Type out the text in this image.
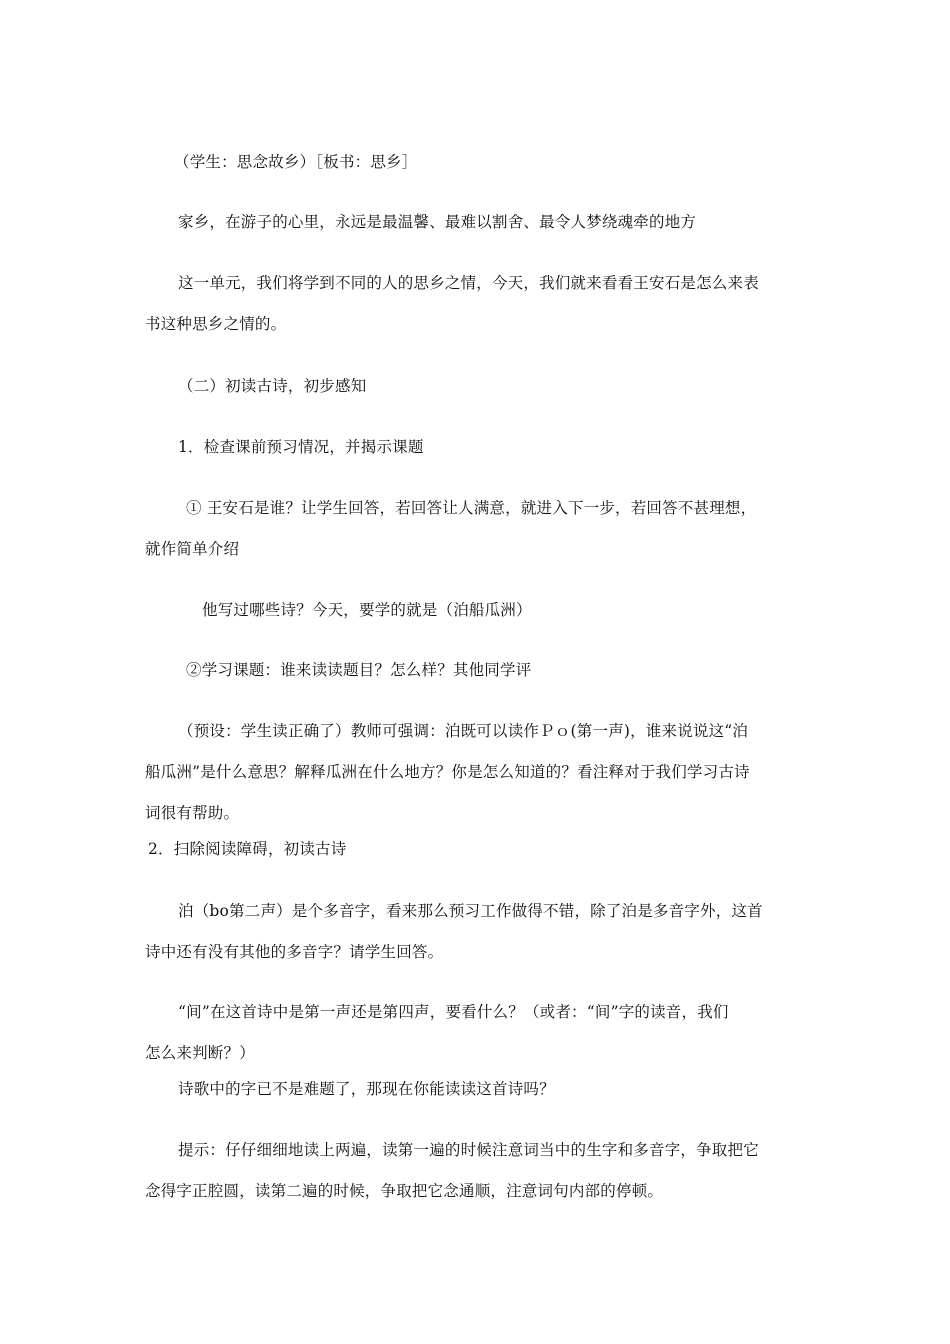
（学生：思念故乡）［板书：思乡］
家乡，在游子的心里，永远是最温馨、最难以割舍、最令人梦绕魂牵的地方
这一单元，我们将学到不同的人的思乡之情，今天，我们就来看看王安石是怎么来表
书这种思乡之情的。
（二）初读古诗，初步感知
1．检查课前预习情况，并揭示课题
① 王安石是谁？让学生回答，若回答让人满意，就进入下一步，若回答不甚理想，
就作简单介绍
他写过哪些诗？今天，要学的就是（泊船瓜洲）
②学习课题：谁来读读题目？怎么样？其他同学评
（预设：学生读正确了）教师可强调：泊既可以读作Ｐｏ(第一声)，谁来说说这“泊
船瓜洲”是什么意思？解释瓜洲在什么地方？你是怎么知道的？看注释对于我们学习古诗
词很有帮助。
2．扫除阅读障碍，初读古诗
泊（bo第二声）是个多音字，看来那么预习工作做得不错，除了泊是多音字外，这首
诗中还有没有其他的多音字？请学生回答。
“间”在这首诗中是第一声还是第四声，要看什么？（或者：“间”字的读音，我们
怎么来判断？）
诗歌中的字已不是难题了，那现在你能读读这首诗吗？
提示：仔仔细细地读上两遍，读第一遍的时候注意词当中的生字和多音字，争取把它
念得字正腔圆，读第二遍的时候，争取把它念通顺，注意词句内部的停顿。
